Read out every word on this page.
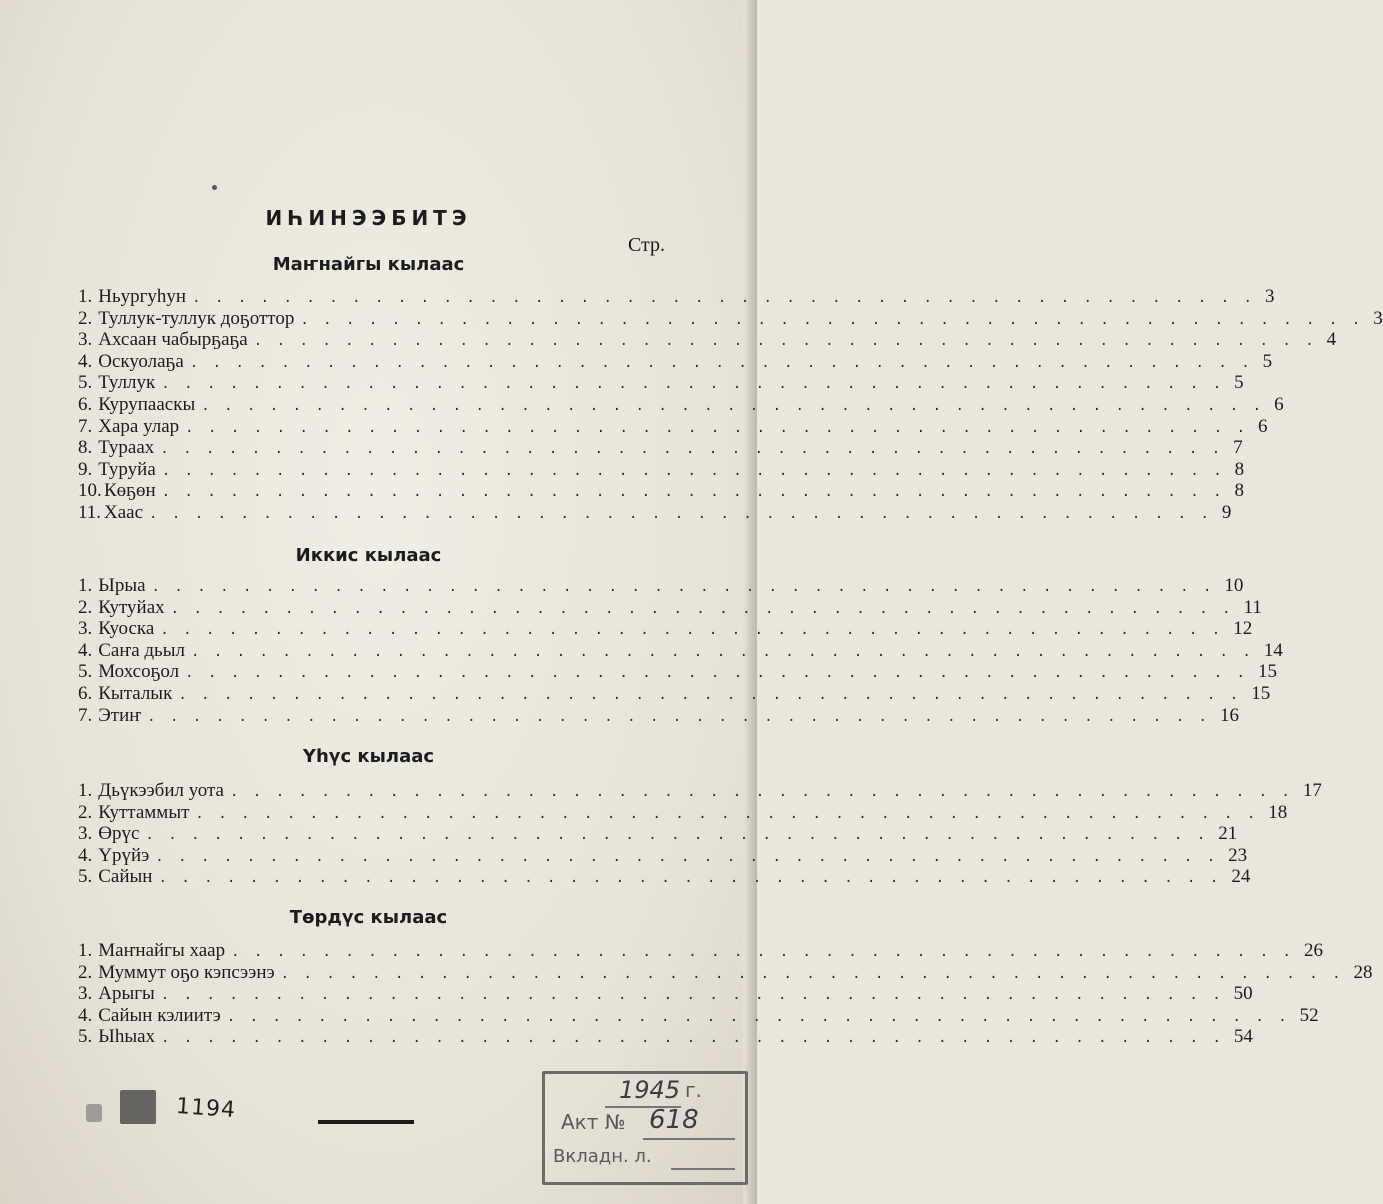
ИҺИНЭЭБИТЭ
Стр.
Маҥнайгы кылаас
1. Ньургуһун . . . . . . . . . . . . . . . . . . . . . . . . . . . . . . . . . . . . . . . . . . . . . . . 3
2. Туллук-туллук доҕоттор . . . . . . . . . . . . . . . . . . . . . . . . . . . . . . . . . . . . . . . . . . . . . . . 3
3. Ахсаан чабырҕаҕа . . . . . . . . . . . . . . . . . . . . . . . . . . . . . . . . . . . . . . . . . . . . . . . 4
4. Оскуолаҕа . . . . . . . . . . . . . . . . . . . . . . . . . . . . . . . . . . . . . . . . . . . . . . . 5
5. Туллук . . . . . . . . . . . . . . . . . . . . . . . . . . . . . . . . . . . . . . . . . . . . . . . 5
6. Курупааскы . . . . . . . . . . . . . . . . . . . . . . . . . . . . . . . . . . . . . . . . . . . . . . . 6
7. Хара улар . . . . . . . . . . . . . . . . . . . . . . . . . . . . . . . . . . . . . . . . . . . . . . . 6
8. Тураах . . . . . . . . . . . . . . . . . . . . . . . . . . . . . . . . . . . . . . . . . . . . . . . 7
9. Туруйа . . . . . . . . . . . . . . . . . . . . . . . . . . . . . . . . . . . . . . . . . . . . . . . 8
10. Көҕөн . . . . . . . . . . . . . . . . . . . . . . . . . . . . . . . . . . . . . . . . . . . . . . . 8
11. Хаас . . . . . . . . . . . . . . . . . . . . . . . . . . . . . . . . . . . . . . . . . . . . . . . 9
Иккис кылаас
1. Ырыа . . . . . . . . . . . . . . . . . . . . . . . . . . . . . . . . . . . . . . . . . . . . . . . 10
2. Кутуйах . . . . . . . . . . . . . . . . . . . . . . . . . . . . . . . . . . . . . . . . . . . . . . . 11
3. Куоска . . . . . . . . . . . . . . . . . . . . . . . . . . . . . . . . . . . . . . . . . . . . . . . 12
4. Саҥа дьыл . . . . . . . . . . . . . . . . . . . . . . . . . . . . . . . . . . . . . . . . . . . . . . . 14
5. Мохсоҕол . . . . . . . . . . . . . . . . . . . . . . . . . . . . . . . . . . . . . . . . . . . . . . . 15
6. Кыталык . . . . . . . . . . . . . . . . . . . . . . . . . . . . . . . . . . . . . . . . . . . . . . . 15
7. Этиҥ . . . . . . . . . . . . . . . . . . . . . . . . . . . . . . . . . . . . . . . . . . . . . . . 16
Үһүс кылаас
1. Дьүкээбил уота . . . . . . . . . . . . . . . . . . . . . . . . . . . . . . . . . . . . . . . . . . . . . . . 17
2. Куттаммыт . . . . . . . . . . . . . . . . . . . . . . . . . . . . . . . . . . . . . . . . . . . . . . . 18
3. Өрүс . . . . . . . . . . . . . . . . . . . . . . . . . . . . . . . . . . . . . . . . . . . . . . . 21
4. Үрүйэ . . . . . . . . . . . . . . . . . . . . . . . . . . . . . . . . . . . . . . . . . . . . . . . 23
5. Сайын . . . . . . . . . . . . . . . . . . . . . . . . . . . . . . . . . . . . . . . . . . . . . . . 24
Төрдүс кылаас
1. Маҥнайгы хаар . . . . . . . . . . . . . . . . . . . . . . . . . . . . . . . . . . . . . . . . . . . . . . . 26
2. Муммут оҕо кэпсээнэ . . . . . . . . . . . . . . . . . . . . . . . . . . . . . . . . . . . . . . . . . . . . . . . 28
3. Арыгы . . . . . . . . . . . . . . . . . . . . . . . . . . . . . . . . . . . . . . . . . . . . . . . 50
4. Сайын кэлиитэ . . . . . . . . . . . . . . . . . . . . . . . . . . . . . . . . . . . . . . . . . . . . . . . 52
5. Ыһыах . . . . . . . . . . . . . . . . . . . . . . . . . . . . . . . . . . . . . . . . . . . . . . . 54
1194
1945 г.
Акт № 618
Вкладн. л.
